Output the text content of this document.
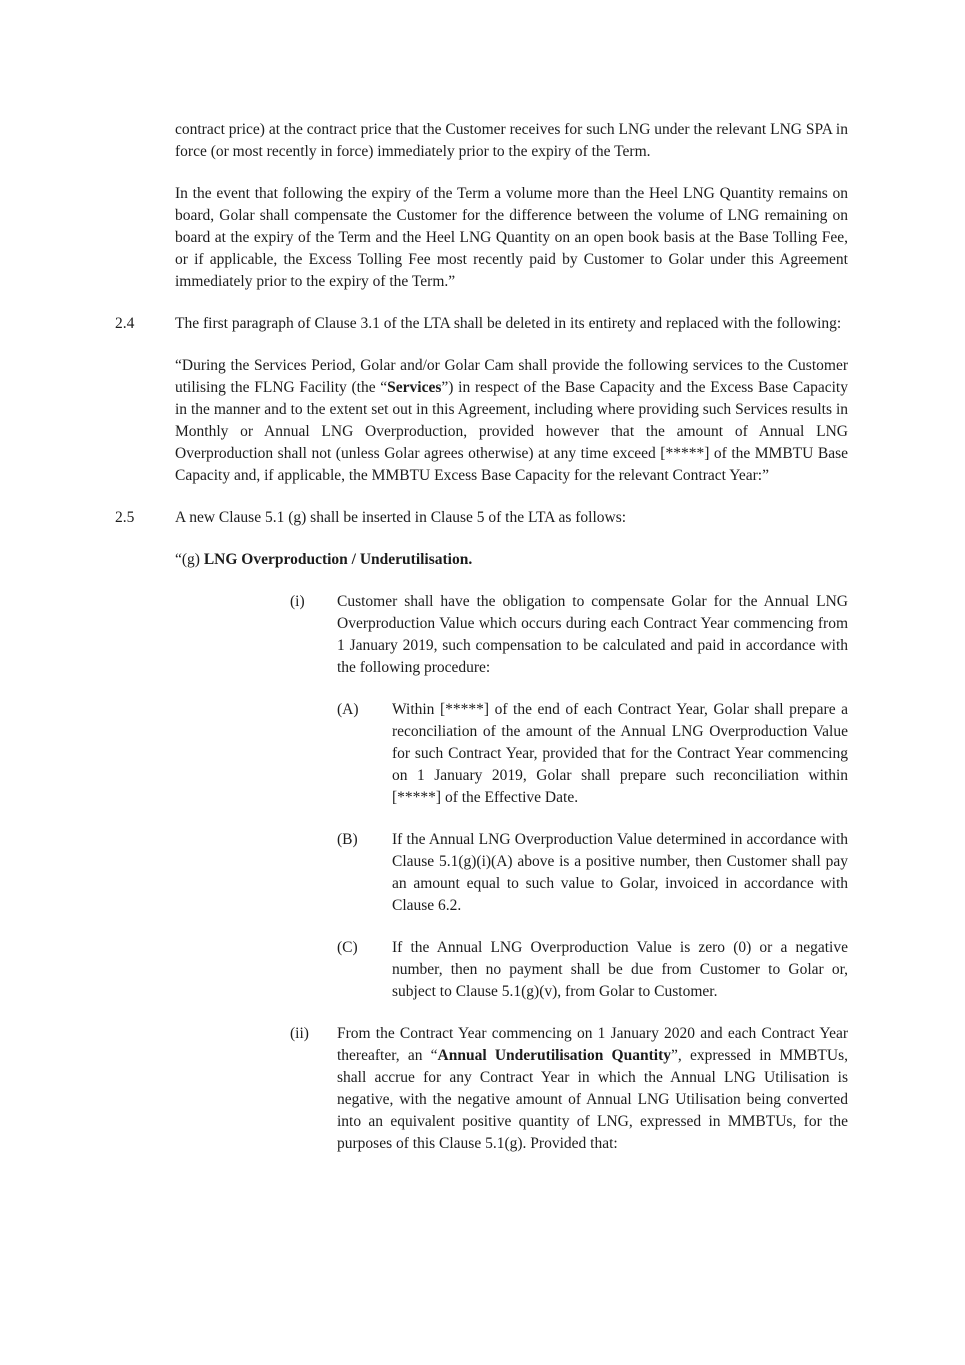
contract price) at the contract price that the Customer receives for such LNG under the relevant LNG SPA in force (or most recently in force) immediately prior to the expiry of the Term.
In the event that following the expiry of the Term a volume more than the Heel LNG Quantity remains on board, Golar shall compensate the Customer for the difference between the volume of LNG remaining on board at the expiry of the Term and the Heel LNG Quantity on an open book basis at the Base Tolling Fee, or if applicable, the Excess Tolling Fee most recently paid by Customer to Golar under this Agreement immediately prior to the expiry of the Term.”
2.4	The first paragraph of Clause 3.1 of the LTA shall be deleted in its entirety and replaced with the following:
“During the Services Period, Golar and/or Golar Cam shall provide the following services to the Customer utilising the FLNG Facility (the “Services”) in respect of the Base Capacity and the Excess Base Capacity in the manner and to the extent set out in this Agreement, including where providing such Services results in Monthly or Annual LNG Overproduction, provided however that the amount of Annual LNG Overproduction shall not (unless Golar agrees otherwise) at any time exceed [*****] of the MMBTU Base Capacity and, if applicable, the MMBTU Excess Base Capacity for the relevant Contract Year:”
2.5	A new Clause 5.1 (g) shall be inserted in Clause 5 of the LTA as follows:
“(g) LNG Overproduction / Underutilisation.
(i)	Customer shall have the obligation to compensate Golar for the Annual LNG Overproduction Value which occurs during each Contract Year commencing from 1 January 2019, such compensation to be calculated and paid in accordance with the following procedure:
(A)	Within [*****] of the end of each Contract Year, Golar shall prepare a reconciliation of the amount of the Annual LNG Overproduction Value for such Contract Year, provided that for the Contract Year commencing on 1 January 2019, Golar shall prepare such reconciliation within [*****] of the Effective Date.
(B)	If the Annual LNG Overproduction Value determined in accordance with Clause 5.1(g)(i)(A) above is a positive number, then Customer shall pay an amount equal to such value to Golar, invoiced in accordance with Clause 6.2.
(C)	If the Annual LNG Overproduction Value is zero (0) or a negative number, then no payment shall be due from Customer to Golar or, subject to Clause 5.1(g)(v), from Golar to Customer.
(ii)	From the Contract Year commencing on 1 January 2020 and each Contract Year thereafter, an “Annual Underutilisation Quantity”, expressed in MMBTUs, shall accrue for any Contract Year in which the Annual LNG Utilisation is negative, with the negative amount of Annual LNG Utilisation being converted into an equivalent positive quantity of LNG, expressed in MMBTUs, for the purposes of this Clause 5.1(g). Provided that:
